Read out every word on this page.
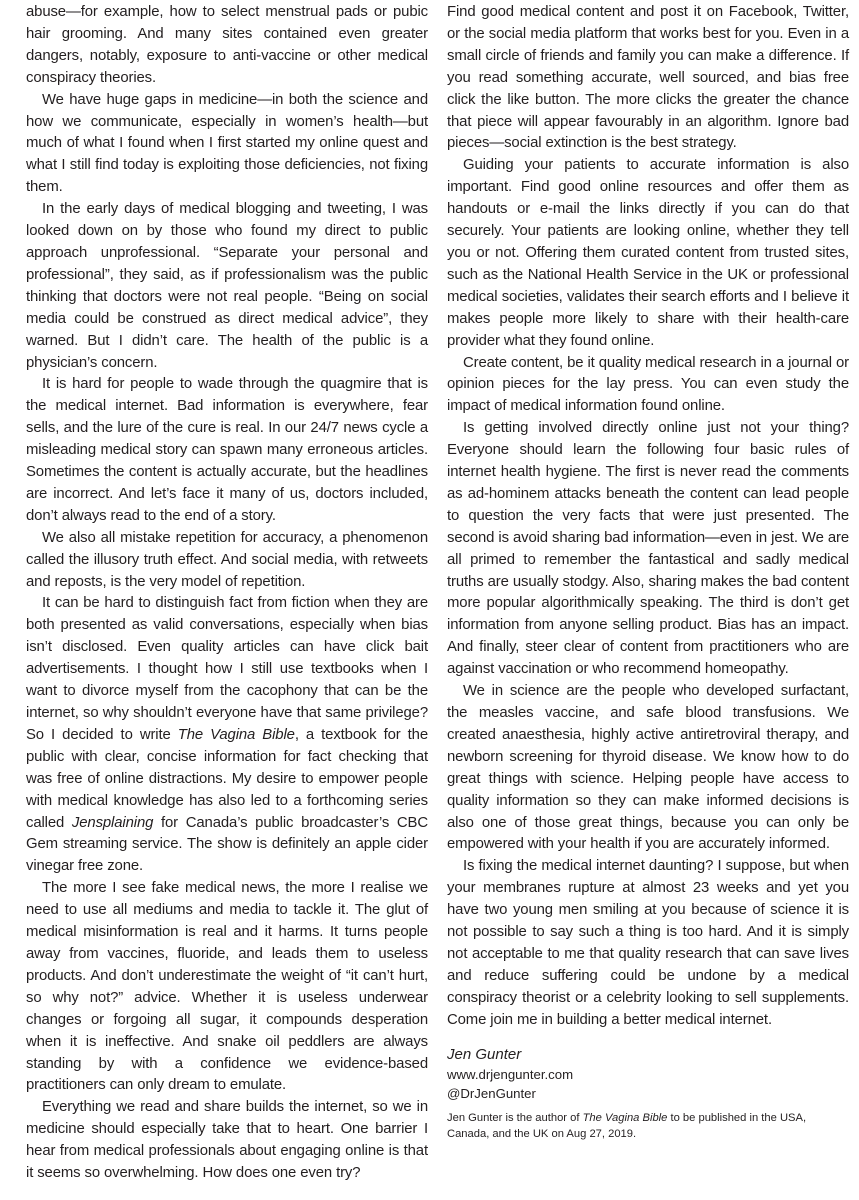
abuse—for example, how to select menstrual pads or pubic hair grooming. And many sites contained even greater dangers, notably, exposure to anti-vaccine or other medical conspiracy theories.

We have huge gaps in medicine—in both the science and how we communicate, especially in women’s health—but much of what I found when I first started my online quest and what I still find today is exploiting those deficiencies, not fixing them.

In the early days of medical blogging and tweeting, I was looked down on by those who found my direct to public approach unprofessional. “Separate your personal and professional”, they said, as if professionalism was the public thinking that doctors were not real people. “Being on social media could be construed as direct medical advice”, they warned. But I didn’t care. The health of the public is a physician’s concern.

It is hard for people to wade through the quagmire that is the medical internet. Bad information is everywhere, fear sells, and the lure of the cure is real. In our 24/7 news cycle a misleading medical story can spawn many erroneous articles. Sometimes the content is actually accurate, but the headlines are incorrect. And let’s face it many of us, doctors included, don’t always read to the end of a story.

We also all mistake repetition for accuracy, a phenomenon called the illusory truth effect. And social media, with retweets and reposts, is the very model of repetition.

It can be hard to distinguish fact from fiction when they are both presented as valid conversations, especially when bias isn’t disclosed. Even quality articles can have click bait advertisements. I thought how I still use textbooks when I want to divorce myself from the cacophony that can be the internet, so why shouldn’t everyone have that same privilege? So I decided to write The Vagina Bible, a textbook for the public with clear, concise information for fact checking that was free of online distractions. My desire to empower people with medical knowledge has also led to a forthcoming series called Jensplaining for Canada’s public broadcaster’s CBC Gem streaming service. The show is definitely an apple cider vinegar free zone.

The more I see fake medical news, the more I realise we need to use all mediums and media to tackle it. The glut of medical misinformation is real and it harms. It turns people away from vaccines, fluoride, and leads them to useless products. And don’t underestimate the weight of “it can’t hurt, so why not?” advice. Whether it is useless underwear changes or forgoing all sugar, it compounds desperation when it is ineffective. And snake oil peddlers are always standing by with a confidence we evidence-based practitioners can only dream to emulate.

Everything we read and share builds the internet, so we in medicine should especially take that to heart. One barrier I hear from medical professionals about engaging online is that it seems so overwhelming. How does one even try?

Find good medical content and post it on Facebook, Twitter, or the social media platform that works best for you. Even in a small circle of friends and family you can make a difference. If you read something accurate, well sourced, and bias free click the like button. The more clicks the greater the chance that piece will appear favourably in an algorithm. Ignore bad pieces—social extinction is the best strategy.

Guiding your patients to accurate information is also important. Find good online resources and offer them as handouts or e-mail the links directly if you can do that securely. Your patients are looking online, whether they tell you or not. Offering them curated content from trusted sites, such as the National Health Service in the UK or professional medical societies, validates their search efforts and I believe it makes people more likely to share with their health-care provider what they found online.

Create content, be it quality medical research in a journal or opinion pieces for the lay press. You can even study the impact of medical information found online.

Is getting involved directly online just not your thing? Everyone should learn the following four basic rules of internet health hygiene. The first is never read the comments as ad-hominem attacks beneath the content can lead people to question the very facts that were just presented. The second is avoid sharing bad information—even in jest. We are all primed to remember the fantastical and sadly medical truths are usually stodgy. Also, sharing makes the bad content more popular algorithmically speaking. The third is don’t get information from anyone selling product. Bias has an impact. And finally, steer clear of content from practitioners who are against vaccination or who recommend homeopathy.

We in science are the people who developed surfactant, the measles vaccine, and safe blood transfusions. We created anaesthesia, highly active antiretroviral therapy, and newborn screening for thyroid disease. We know how to do great things with science. Helping people have access to quality information so they can make informed decisions is also one of those great things, because you can only be empowered with your health if you are accurately informed.

Is fixing the medical internet daunting? I suppose, but when your membranes rupture at almost 23 weeks and yet you have two young men smiling at you because of science it is not possible to say such a thing is too hard. And it is simply not acceptable to me that quality research that can save lives and reduce suffering could be undone by a medical conspiracy theorist or a celebrity looking to sell supplements. Come join me in building a better medical internet.

Jen Gunter

www.drjengunter.com

@DrJenGunter

Jen Gunter is the author of The Vagina Bible to be published in the USA, Canada, and the UK on Aug 27, 2019.
